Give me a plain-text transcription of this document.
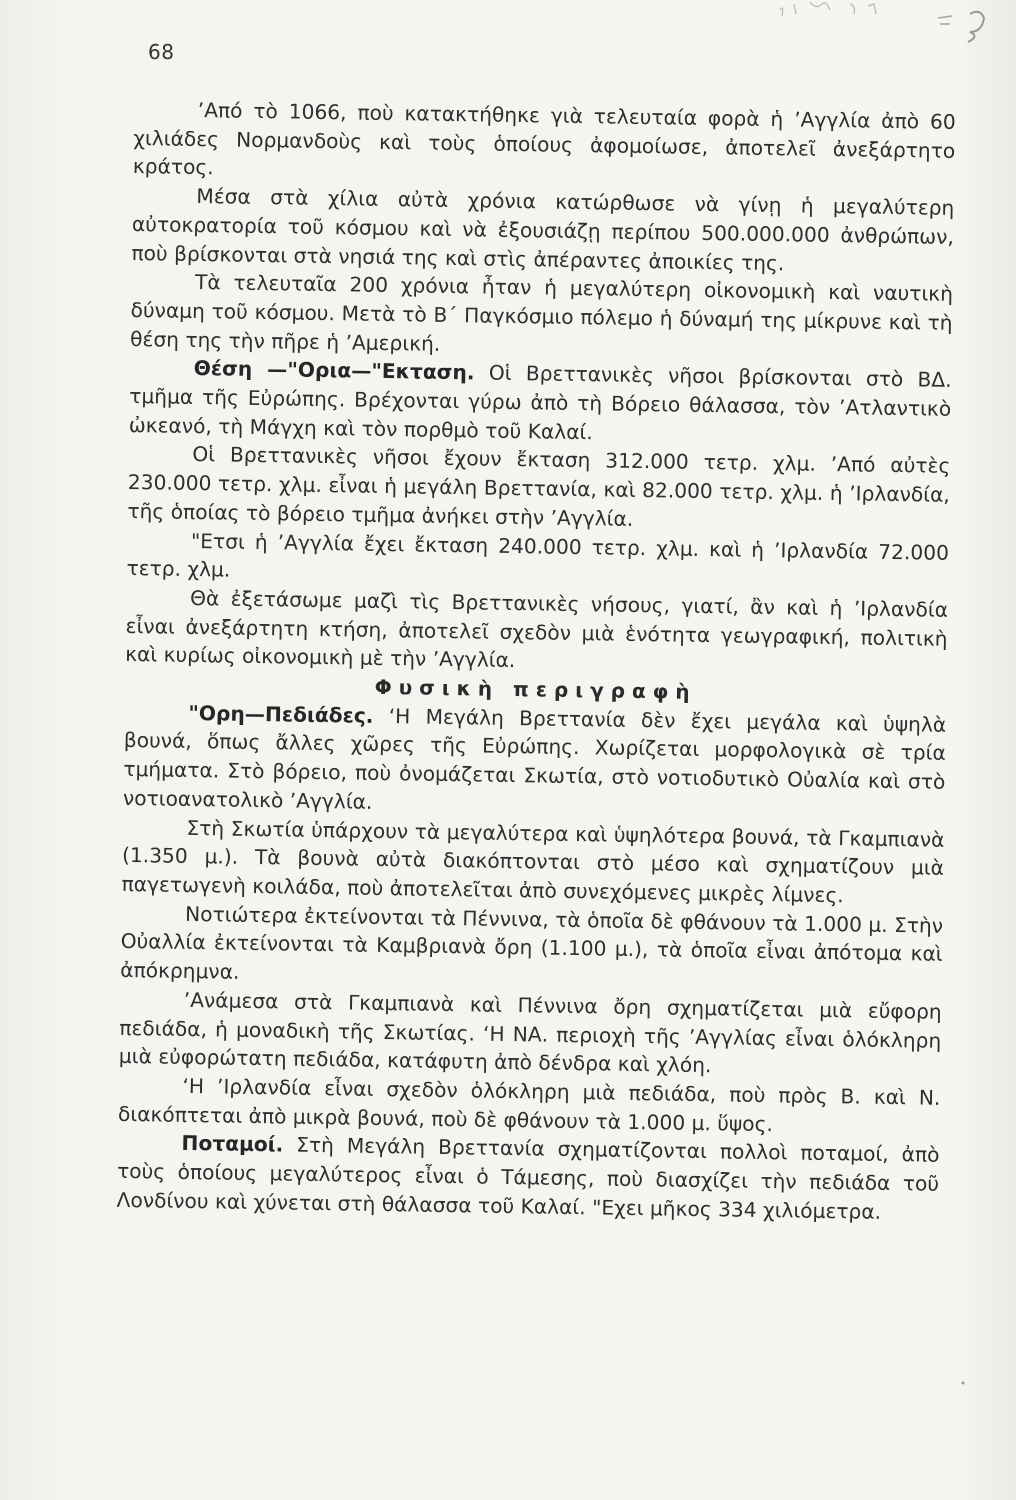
68

’Από τὸ 1066, ποὺ κατακτήθηκε γιὰ τελευταία φορὰ ἡ ’Αγγλία ἀπὸ 60 χιλιάδες Νορμανδοὺς καὶ τοὺς ὁποίους ἀφομοίωσε, ἀποτελεῖ ἀνεξάρτητο κράτος.

Μέσα στὰ χίλια αὐτὰ χρόνια κατώρθωσε νὰ γίνῃ ἡ μεγαλύτερη αὐτοκρατορία τοῦ κόσμου καὶ νὰ ἐξουσιάζῃ περίπου 500.000.000 ἀνθρώπων, ποὺ βρίσκονται στὰ νησιά της καὶ στὶς ἀπέραντες ἀποικίες της.

Τὰ τελευταῖα 200 χρόνια ἦταν ἡ μεγαλύτερη οἰκονομικὴ καὶ ναυτικὴ δύναμη τοῦ κόσμου. Μετὰ τὸ Β΄ Παγκόσμιο πόλεμο ἡ δύναμή της μίκρυνε καὶ τὴ θέση της τὴν πῆρε ἡ ’Αμερική.

Θέση —"Ορια—"Εκταση. Οἱ Βρεττανικὲς νῆσοι βρίσκονται στὸ ΒΔ. τμῆμα τῆς Εὐρώπης. Βρέχονται γύρω ἀπὸ τὴ Βόρειο θάλασσα, τὸν ’Ατλαντικὸ ὠκεανό, τὴ Μάγχη καὶ τὸν πορθμὸ τοῦ Καλαί.

Οἱ Βρεττανικὲς νῆσοι ἔχουν ἔκταση 312.000 τετρ. χλμ. ’Από αὐτὲς 230.000 τετρ. χλμ. εἶναι ἡ μεγάλη Βρεττανία, καὶ 82.000 τετρ. χλμ. ἡ ’Ιρλανδία, τῆς ὁποίας τὸ βόρειο τμῆμα ἀνήκει στὴν ’Αγγλία.

"Ετσι ἡ ’Αγγλία ἔχει ἔκταση 240.000 τετρ. χλμ. καὶ ἡ ’Ιρλανδία 72.000 τετρ. χλμ.

Θὰ ἐξετάσωμε μαζὶ τὶς Βρεττανικὲς νήσους, γιατί, ἂν καὶ ἡ ’Ιρλανδία εἶναι ἀνεξάρτητη κτήση, ἀποτελεῖ σχεδὸν μιὰ ἑνότητα γεωγραφική, πολιτικὴ καὶ κυρίως οἰκονομικὴ μὲ τὴν ’Αγγλία.

Φυσικὴ περιγραφὴ

"Ορη—Πεδιάδες. ‘Η Μεγάλη Βρεττανία δὲν ἔχει μεγάλα καὶ ὑψηλὰ βουνά, ὅπως ἄλλες χῶρες τῆς Εὐρώπης. Χωρίζεται μορφολογικὰ σὲ τρία τμήματα. Στὸ βόρειο, ποὺ ὀνομάζεται Σκωτία, στὸ νοτιοδυτικὸ Οὐαλία καὶ στὸ νοτιοανατολικὸ ’Αγγλία.

Στὴ Σκωτία ὑπάρχουν τὰ μεγαλύτερα καὶ ὑψηλότερα βουνά, τὰ Γκαμπιανὰ (1.350 μ.). Τὰ βουνὰ αὐτὰ διακόπτονται στὸ μέσο καὶ σχηματίζουν μιὰ παγετωγενὴ κοιλάδα, ποὺ ἀποτελεῖται ἀπὸ συνεχόμενες μικρὲς λίμνες.

Νοτιώτερα ἐκτείνονται τὰ Πέννινα, τὰ ὁποῖα δὲ φθάνουν τὰ 1.000 μ. Στὴν Οὐαλλία ἐκτείνονται τὰ Καμβριανὰ ὄρη (1.100 μ.), τὰ ὁποῖα εἶναι ἀπότομα καὶ ἀπόκρημνα.

’Ανάμεσα στὰ Γκαμπιανὰ καὶ Πέννινα ὄρη σχηματίζεται μιὰ εὔφορη πεδιάδα, ἡ μοναδικὴ τῆς Σκωτίας. ‘Η ΝΑ. περιοχὴ τῆς ’Αγγλίας εἶναι ὁλόκληρη μιὰ εὐφορώτατη πεδιάδα, κατάφυτη ἀπὸ δένδρα καὶ χλόη.

‘Η ’Ιρλανδία εἶναι σχεδὸν ὁλόκληρη μιὰ πεδιάδα, ποὺ πρὸς Β. καὶ Ν. διακόπτεται ἀπὸ μικρὰ βουνά, ποὺ δὲ φθάνουν τὰ 1.000 μ. ὕψος.

Ποταμοί. Στὴ Μεγάλη Βρεττανία σχηματίζονται πολλοὶ ποταμοί, ἀπὸ τοὺς ὁποίους μεγαλύτερος εἶναι ὁ Τάμεσης, ποὺ διασχίζει τὴν πεδιάδα τοῦ Λονδίνου καὶ χύνεται στὴ θάλασσα τοῦ Καλαί. "Εχει μῆκος 334 χιλιόμετρα.
